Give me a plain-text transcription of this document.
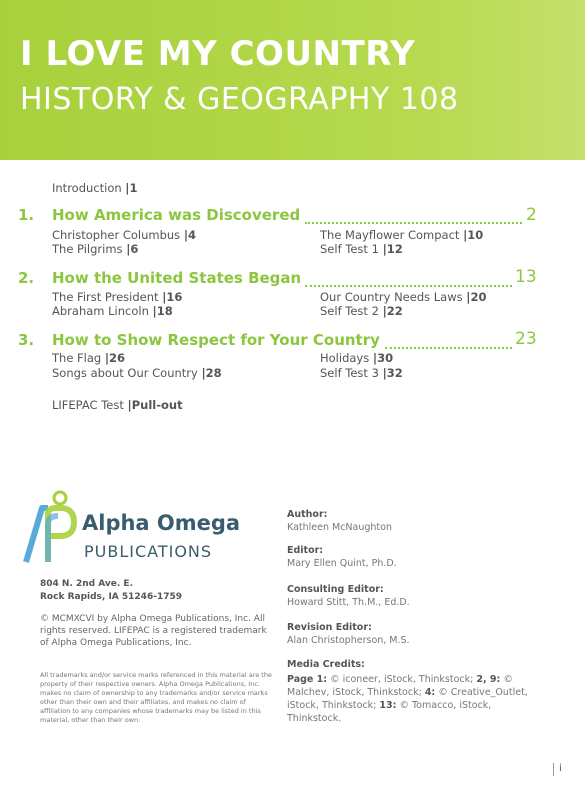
I LOVE MY COUNTRY
HISTORY & GEOGRAPHY 108
Introduction |1
1. How America was Discovered	2
Christopher Columbus |4
The Pilgrims |6
The Mayflower Compact |10
Self Test 1 |12
2. How the United States Began	13
The First President |16
Abraham Lincoln |18
Our Country Needs Laws |20
Self Test 2 |22
3. How to Show Respect for Your Country	23
The Flag |26
Songs about Our Country |28
Holidays |30
Self Test 3 |32
LIFEPAC Test |Pull-out
Alpha Omega
PUBLICATIONS
804 N. 2nd Ave. E.
Rock Rapids, IA 51246-1759
© MCMXCVI by Alpha Omega Publications, Inc. All rights reserved. LIFEPAC is a registered trademark of Alpha Omega Publications, Inc.
All trademarks and/or service marks referenced in this material are the property of their respective owners. Alpha Omega Publications, Inc. makes no claim of ownership to any trademarks and/or service marks other than their own and their affiliates, and makes no claim of affiliation to any companies whose trademarks may be listed in this material, other than their own.
Author:
Kathleen McNaughton
Editor:
Mary Ellen Quint, Ph.D.
Consulting Editor:
Howard Stitt, Th.M., Ed.D.
Revision Editor:
Alan Christopherson, M.S.
Media Credits:
Page 1: © iconeer, iStock, Thinkstock; 2, 9: © Malchev, iStock, Thinkstock; 4: © Creative_Outlet, iStock, Thinkstock; 13: © Tomacco, iStock, Thinkstock.
i
